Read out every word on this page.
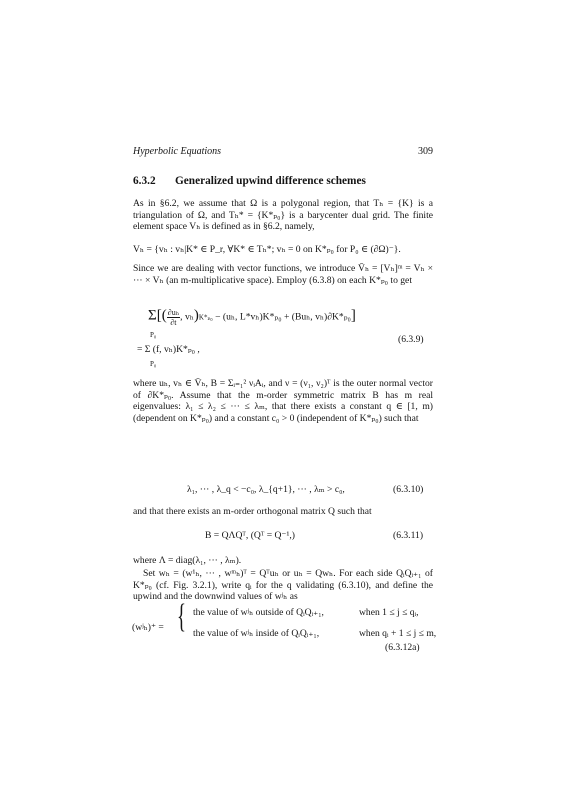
Hyperbolic Equations	309
6.3.2 Generalized upwind difference schemes
As in §6.2, we assume that Ω is a polygonal region, that Tₕ = {K} is a triangulation of Ω, and Tₕ* = {K*ₚ₀} is a barycenter dual grid. The finite element space Vₕ is defined as in §6.2, namely,
Vₕ = {vₕ : vₕ|K* ∈ P_r, ∀K* ∈ Tₕ*; vₕ = 0 on K*ₚ₀ for P₀ ∈ (∂Ω)⁻}.
Since we are dealing with vector functions, we introduce V̄ₕ = [Vₕ]ᵐ = Vₕ × ··· × Vₕ (an m-multiplicative space). Employ (6.3.8) on each K*ₚ₀ to get
$\Sigma[( \frac{\text{∂uₕ}}{\partial t}$ , vₕ)K*ₚ₀ − (uₕ, L*vₕ)K*ₚ₀ + (Buₕ, vₕ)∂K*ₚ₀]
P₀
= Σ (f, vₕ)K*ₚ₀ ,
P₀
(6.3.9)
where uₕ, vₕ ∈ V̄ₕ, B = Σᵢ₌₁² νᵢAᵢ, and ν = (ν₁, ν₂)ᵀ is the outer normal vector of ∂K*ₚ₀. Assume that the m-order symmetric matrix B has m real eigenvalues: λ₁ ≤ λ₂ ≤ ··· ≤ λₘ, that there exists a constant q ∈ [1, m) (dependent on K*ₚ₀) and a constant c₀ > 0 (independent of K*ₚ₀) such that
λ₁, ··· , λ_q < −c₀, λ_{q+1}, ··· , λₘ > c₀,	(6.3.10)
and that there exists an m-order orthogonal matrix Q such that
B = QΛQᵀ, (Qᵀ = Q⁻¹,)	(6.3.11)
where Λ = diag(λ₁, ··· , λₘ).
Set wₕ = (w¹ₕ, ··· , wᵐₕ)ᵀ = Qᵀuₕ or uₕ = Qwₕ. For each side QᵢQᵢ₊₁ of K*ₚ₀ (cf. Fig. 3.2.1), write qᵢ for the q validating (6.3.10), and define the upwind and the downwind values of wʲₕ as
(wʲₕ)⁺ = { the value of wʲₕ outside of QᵢQᵢ₊₁,	when 1 ≤ j ≤ qᵢ,
the value of wʲₕ inside of QᵢQᵢ₊₁,	when qᵢ + 1 ≤ j ≤ m,
(6.3.12a)
